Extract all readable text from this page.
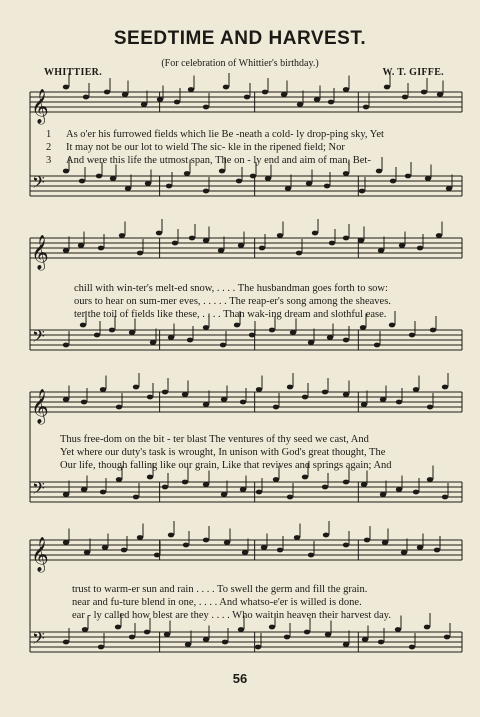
SEEDTIME AND HARVEST.
(For celebration of Whittier's birthday.)
WHITTIER.	W. T. GIFFE.
𝄞
𝄢
𝄞
𝄢
𝄞
𝄢
𝄞
𝄢
1
2
3
As o'er his furrowed fields which lie Be -neath a cold- ly drop-ping sky, Yet
It may not be our lot to wield The sic- kle in the ripened field; Nor
And were this life the utmost span, The on - ly end and aim of man, Bet-
chill with win-ter's melt-ed snow, . . . . The husbandman goes forth to sow:
ours to hear on sum-mer eves, . . . . . The reap-er's song among the sheaves.
ter the toil of fields like these, . . . . Than wak-ing dream and slothful ease.
Thus free-dom on the bit - ter blast The ventures of thy seed we cast, And
Yet where our duty's task is wrought, In unison with God's great thought, The
Our life, though falling like our grain, Like that revives and springs again; And
trust to warm-er sun and rain . . . . To swell the germ and fill the grain.
near and fu-ture blend in one, . . . . And whatso-e'er is willed is done.
ear - ly called how blest are they . . . . Who wait in heaven their harvest day.
56
